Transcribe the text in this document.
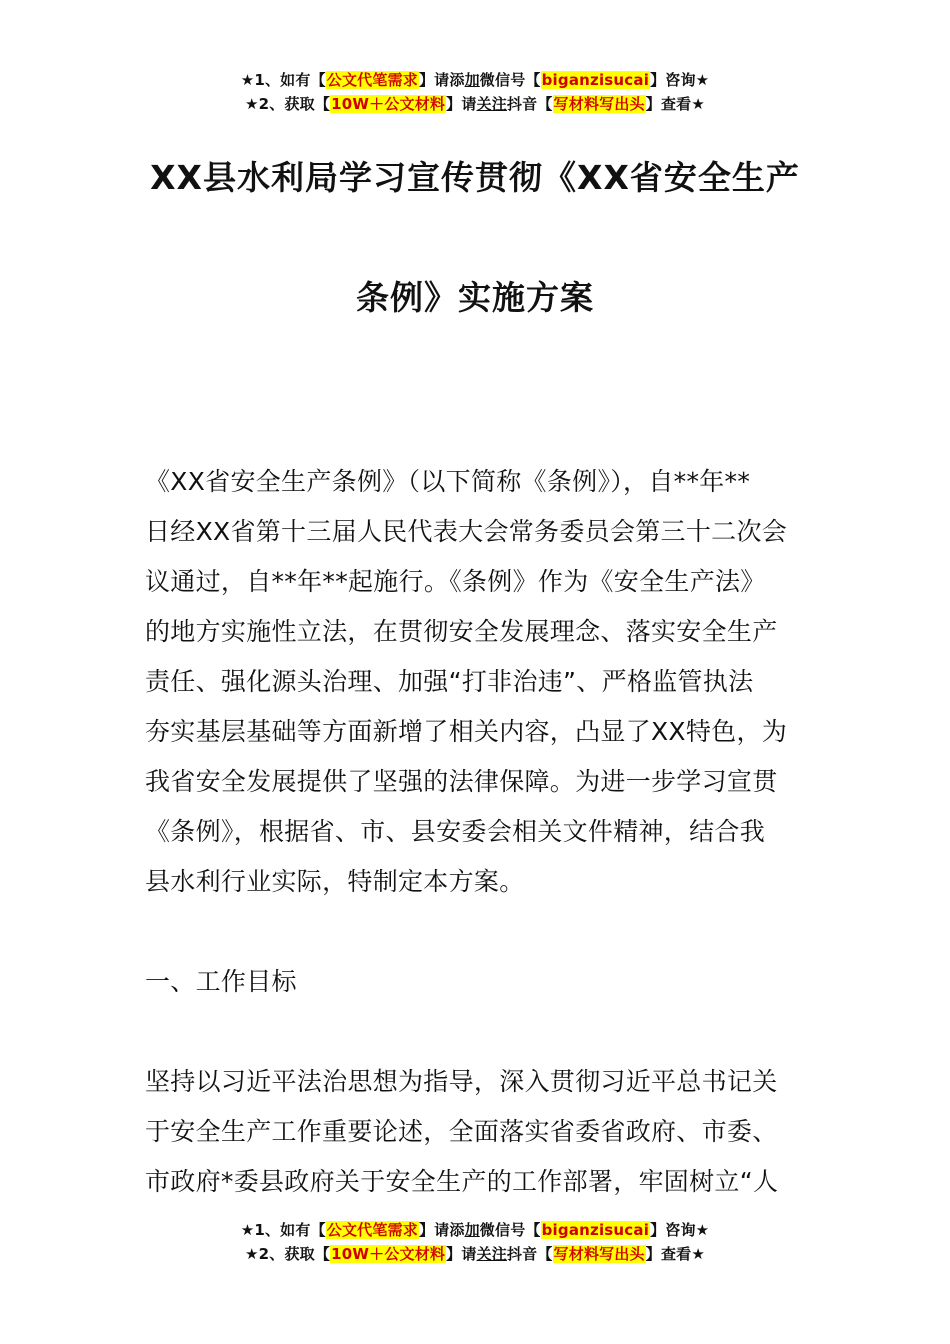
★1、如有【公文代笔需求】请添加微信号【biganzisucai】咨询★
★2、获取【10W＋公文材料】请关注抖音【写材料写出头】查看★
XX县水利局学习宣传贯彻《XX省安全生产
条例》实施方案
《XX省安全生产条例》（以下简称《条例》），自**年**
日经XX省第十三届人民代表大会常务委员会第三十二次会
议通过，自**年**起施行。《条例》作为《安全生产法》
的地方实施性立法，在贯彻安全发展理念、落实安全生产
责任、强化源头治理、加强“打非治违”、严格监管执法
夯实基层基础等方面新增了相关内容，凸显了XX特色，为
我省安全发展提供了坚强的法律保障。为进一步学习宣贯
《条例》，根据省、市、县安委会相关文件精神，结合我
县水利行业实际，特制定本方案。
一、工作目标
坚持以习近平法治思想为指导，深入贯彻习近平总书记关
于安全生产工作重要论述，全面落实省委省政府、市委、
市政府*委县政府关于安全生产的工作部署，牢固树立“人
★1、如有【公文代笔需求】请添加微信号【biganzisucai】咨询★
★2、获取【10W＋公文材料】请关注抖音【写材料写出头】查看★
